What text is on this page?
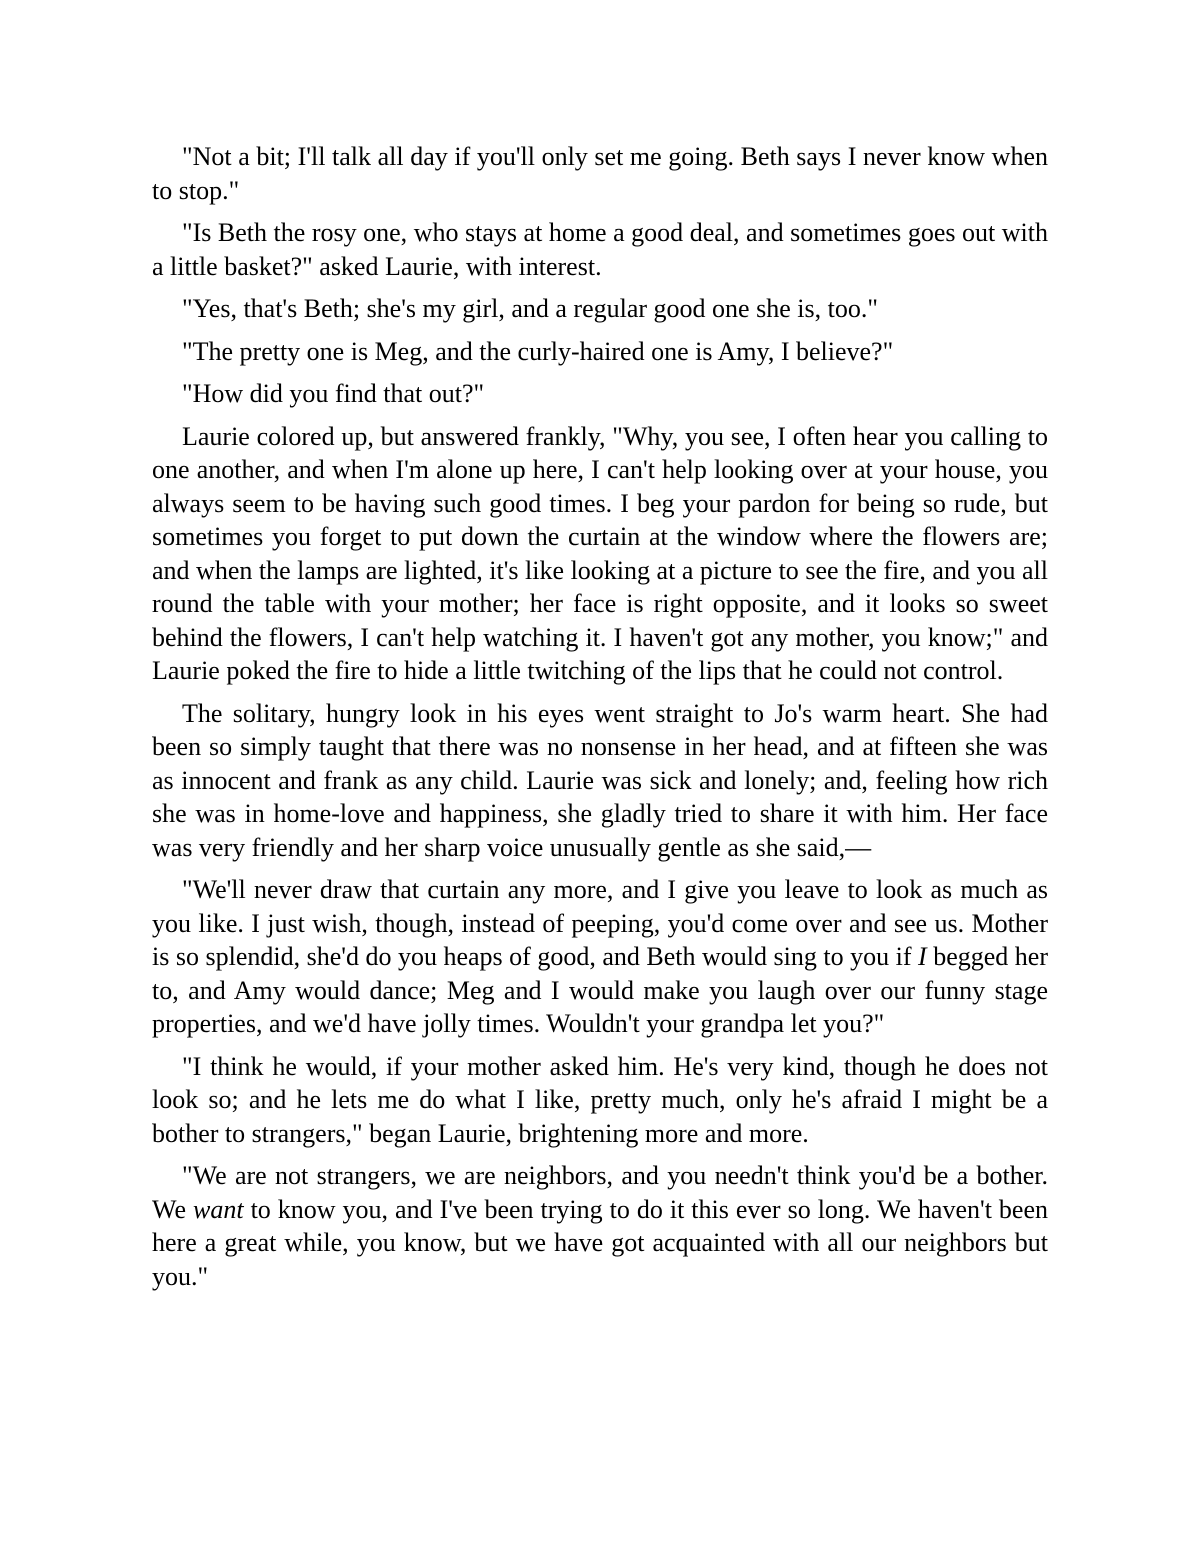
"Not a bit; I'll talk all day if you'll only set me going. Beth says I never know when to stop."

"Is Beth the rosy one, who stays at home a good deal, and sometimes goes out with a little basket?" asked Laurie, with interest.

"Yes, that's Beth; she's my girl, and a regular good one she is, too."

"The pretty one is Meg, and the curly-haired one is Amy, I believe?"

"How did you find that out?"

Laurie colored up, but answered frankly, "Why, you see, I often hear you calling to one another, and when I'm alone up here, I can't help looking over at your house, you always seem to be having such good times. I beg your pardon for being so rude, but sometimes you forget to put down the curtain at the window where the flowers are; and when the lamps are lighted, it's like looking at a picture to see the fire, and you all round the table with your mother; her face is right opposite, and it looks so sweet behind the flowers, I can't help watching it. I haven't got any mother, you know;" and Laurie poked the fire to hide a little twitching of the lips that he could not control.

The solitary, hungry look in his eyes went straight to Jo's warm heart. She had been so simply taught that there was no nonsense in her head, and at fifteen she was as innocent and frank as any child. Laurie was sick and lonely; and, feeling how rich she was in home-love and happiness, she gladly tried to share it with him. Her face was very friendly and her sharp voice unusually gentle as she said,—

"We'll never draw that curtain any more, and I give you leave to look as much as you like. I just wish, though, instead of peeping, you'd come over and see us. Mother is so splendid, she'd do you heaps of good, and Beth would sing to you if I begged her to, and Amy would dance; Meg and I would make you laugh over our funny stage properties, and we'd have jolly times. Wouldn't your grandpa let you?"

"I think he would, if your mother asked him. He's very kind, though he does not look so; and he lets me do what I like, pretty much, only he's afraid I might be a bother to strangers," began Laurie, brightening more and more.

"We are not strangers, we are neighbors, and you needn't think you'd be a bother. We want to know you, and I've been trying to do it this ever so long. We haven't been here a great while, you know, but we have got acquainted with all our neighbors but you."
